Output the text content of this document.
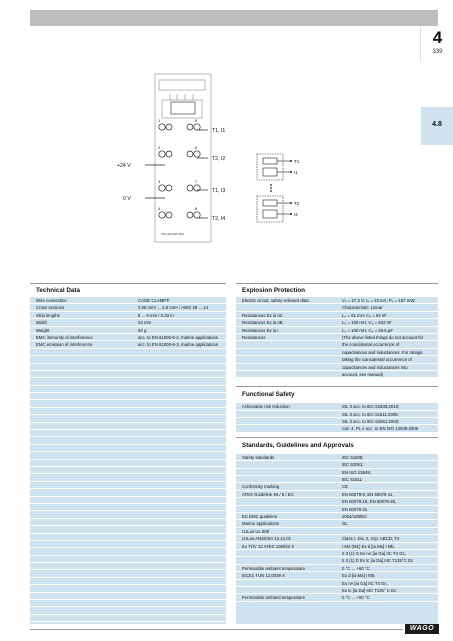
4
339
4.8
1	5
2	6
3	7
4	8
T1, I1
T2, I2
T1, I3
T2, I4
+24 V
0 V
750-442/005-000
T1
I1
T2
I4
Technical Data
Wire connection	CAGE CLAMP®
Cross sections	0.08 mm² ... 2.5 mm² / AWG 28 ... 14
Strip lengths	8 ... 9 mm / 0.33 in
Width	24 mm
Weight	92 g
EMC immunity of interference	acc. to EN 61000-6-2, marine applications
EMC emission of interference	acc. to EN 61000-6-3, marine applications
Explosion Protection
Electric circuit, safety-relevant data	V₀ = 27.3 V; I₀ = 23 mA; P₀ = 157 mW;
Characteristic: Linear
Resistances Ex ia IIC	L₀ = 61 mH; C₀ = 64 nF
Resistances Ex ia IIB	L₀ = 100 mH; C₀ = 532 nF
Resistances Ex ia I	L₀ = 100 mH; C₀ = 29.5 µF
Resistances	(The above listed things do not account for
the coincidental occurrence of
capacitances and inductances. For ratings
taking the coincidental occurrence of
capacitances and inductances into
account, see manual)
Functional Safety
Achievable risk reduction	SIL 3 acc. to IEC 61508:2010;
SIL 3 acc. to IEC 61511:2005;
SIL 3 acc. to IEC 62061:2005;
Cat. 4, PL e acc. to EN ISO 13849:2008
Standards, Guidelines and Approvals
Safety standards	IEC 61508;
IEC 62061;
EN ISO 13849;
IEC 61511
Conformity marking	CE
ATEX Guideline 94 / 9 / EC	EN 60079-0, EN 60079-11,
EN 60079-15, EN 60079-26,
EN 60079-31
EC EMC guideline	2004/108/EC
Marine applications	GL
cULus UL 508
cULus ANSI/ISA 12.12.01	Class I, Div. 2, Grp. ABCD, T4
Ex TÜV 12 ATEX 106032 X	I M2 (M1) Ex d [ia Ma] I Mb,
II 3 (1) G Ex nA [ia Ga] IIC T4 Gc,
II 3 (1) D Ex tc [ia Da] IIIC T135°C Dc
Permissible ambient temperature	0 °C ... +60 °C
IECEx TUN 12.0039 X	Ex d [ia Ma] I Mb,
Ex nA [ia Ga] IIC T4 Gc,
Ex tc [ia Da] IIIC T135° C Dc
Permissible ambient temperature	0 °C ... +60 °C
WAGO
